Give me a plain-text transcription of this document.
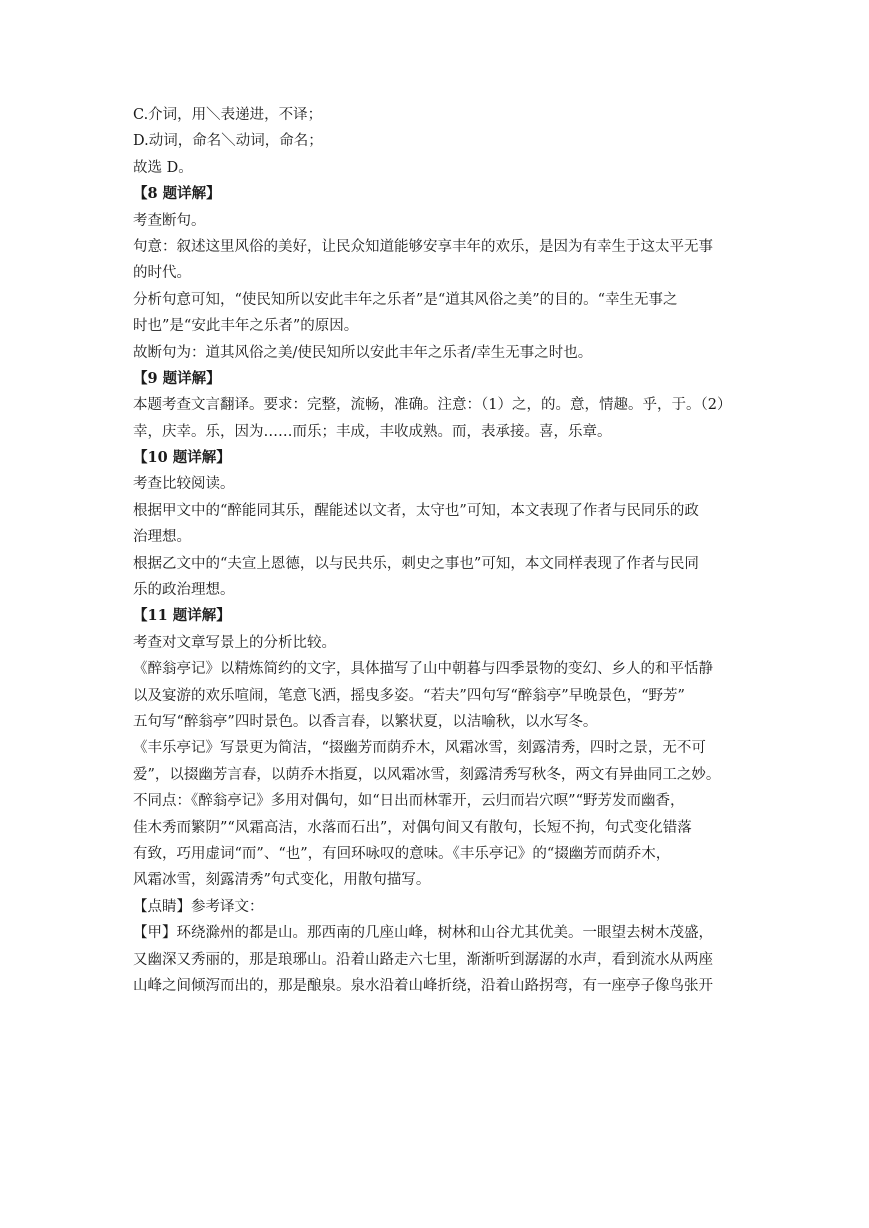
C.介词，用＼表递进，不译；
D.动词，命名＼动词，命名；
故选 D。
【8 题详解】
考查断句。
句意：叙述这里风俗的美好，让民众知道能够安享丰年的欢乐，是因为有幸生于这太平无事
的时代。
分析句意可知，“使民知所以安此丰年之乐者”是“道其风俗之美”的目的。“幸生无事之
时也”是“安此丰年之乐者”的原因。
故断句为：道其风俗之美/使民知所以安此丰年之乐者/幸生无事之时也。
【9 题详解】
本题考查文言翻译。要求：完整，流畅，准确。注意：（1）之，的。意，情趣。乎，于。（2）
幸，庆幸。乐，因为……而乐；丰成，丰收成熟。而，表承接。喜，乐章。
【10 题详解】
考查比较阅读。
根据甲文中的“醉能同其乐，醒能述以文者，太守也”可知，本文表现了作者与民同乐的政
治理想。
根据乙文中的“夫宣上恩德，以与民共乐，刺史之事也”可知，本文同样表现了作者与民同
乐的政治理想。
【11 题详解】
考查对文章写景上的分析比较。
《醉翁亭记》以精炼简约的文字，具体描写了山中朝暮与四季景物的变幻、乡人的和平恬静
以及宴游的欢乐喧闹，笔意飞洒，摇曳多姿。“若夫”四句写“醉翁亭”早晚景色，“野芳”
五句写“醉翁亭”四时景色。以香言春，以繁状夏，以洁喻秋，以水写冬。
《丰乐亭记》写景更为简洁，“掇幽芳而荫乔木，风霜冰雪，刻露清秀，四时之景，无不可
爱”，以掇幽芳言春，以荫乔木指夏，以风霜冰雪，刻露清秀写秋冬，两文有异曲同工之妙。
不同点：《醉翁亭记》多用对偶句，如“日出而林霏开，云归而岩穴暝”“野芳发而幽香，
佳木秀而繁阴”“风霜高洁，水落而石出”，对偶句间又有散句，长短不拘，句式变化错落
有致，巧用虚词“而”、“也”，有回环咏叹的意味。《丰乐亭记》的“掇幽芳而荫乔木，
风霜冰雪，刻露清秀”句式变化，用散句描写。
【点睛】参考译文：
【甲】环绕滁州的都是山。那西南的几座山峰，树林和山谷尤其优美。一眼望去树木茂盛，
又幽深又秀丽的，那是琅琊山。沿着山路走六七里，渐渐听到潺潺的水声，看到流水从两座
山峰之间倾泻而出的，那是酿泉。泉水沿着山峰折绕，沿着山路拐弯，有一座亭子像鸟张开
